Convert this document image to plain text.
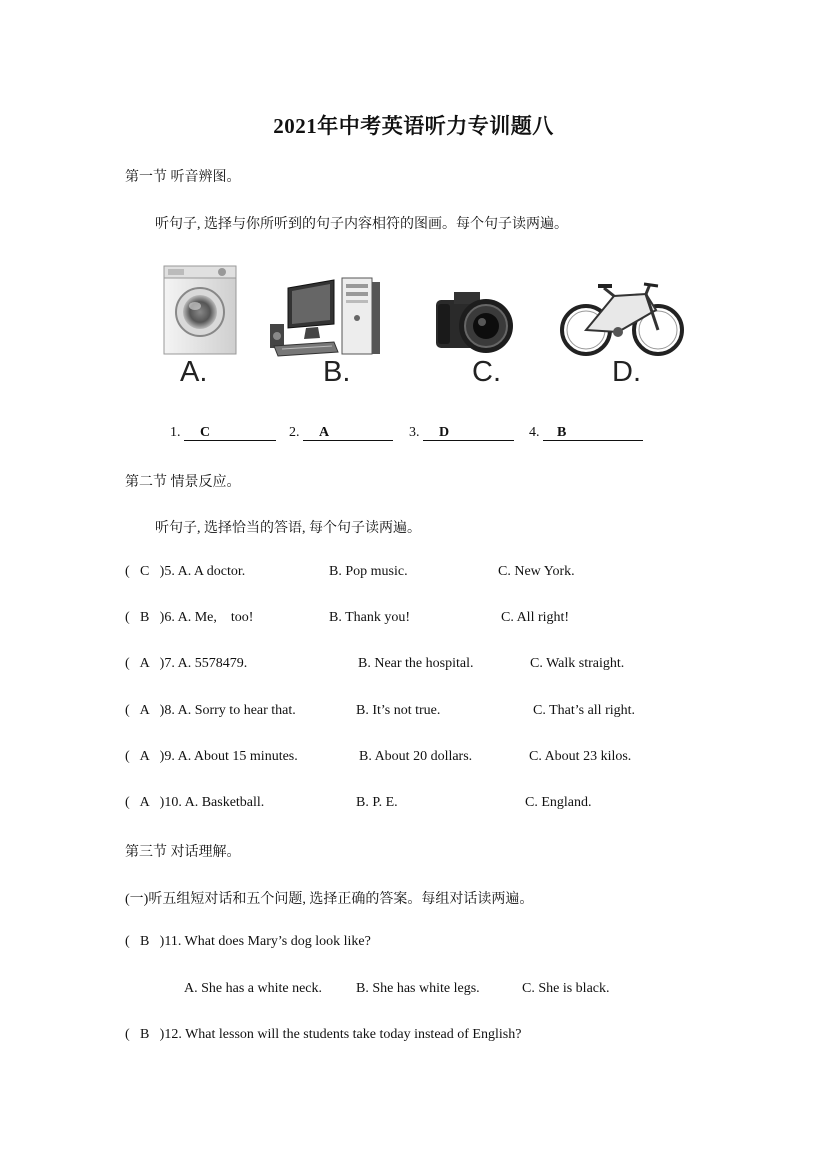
2021年中考英语听力专训题八
第一节 听音辨图。
听句子, 选择与你所听到的句子内容相符的图画。每个句子读两遍。
A.	B.	C.	D.
1. C	2. A	3. D	4. B
第二节 情景反应。
听句子, 选择恰当的答语, 每个句子读两遍。
( C )5. A. A doctor.	B. Pop music.	C. New York.
( B )6. A. Me,    too!	B. Thank you!	C. All right!
( A )7. A. 5578479.	B. Near the hospital.	C. Walk straight.
( A )8. A. Sorry to hear that.	B. It’s not true.	C. That’s all right.
( A )9. A. About 15 minutes.	B. About 20 dollars.	C. About 23 kilos.
( A )10. A. Basketball.	B. P. E.	C. England.
第三节 对话理解。
(一)听五组短对话和五个问题, 选择正确的答案。每组对话读两遍。
( B )11. What does Mary’s dog look like?
A. She has a white neck. B. She has white legs.	C. She is black.
( B )12. What lesson will the students take today instead of English?
